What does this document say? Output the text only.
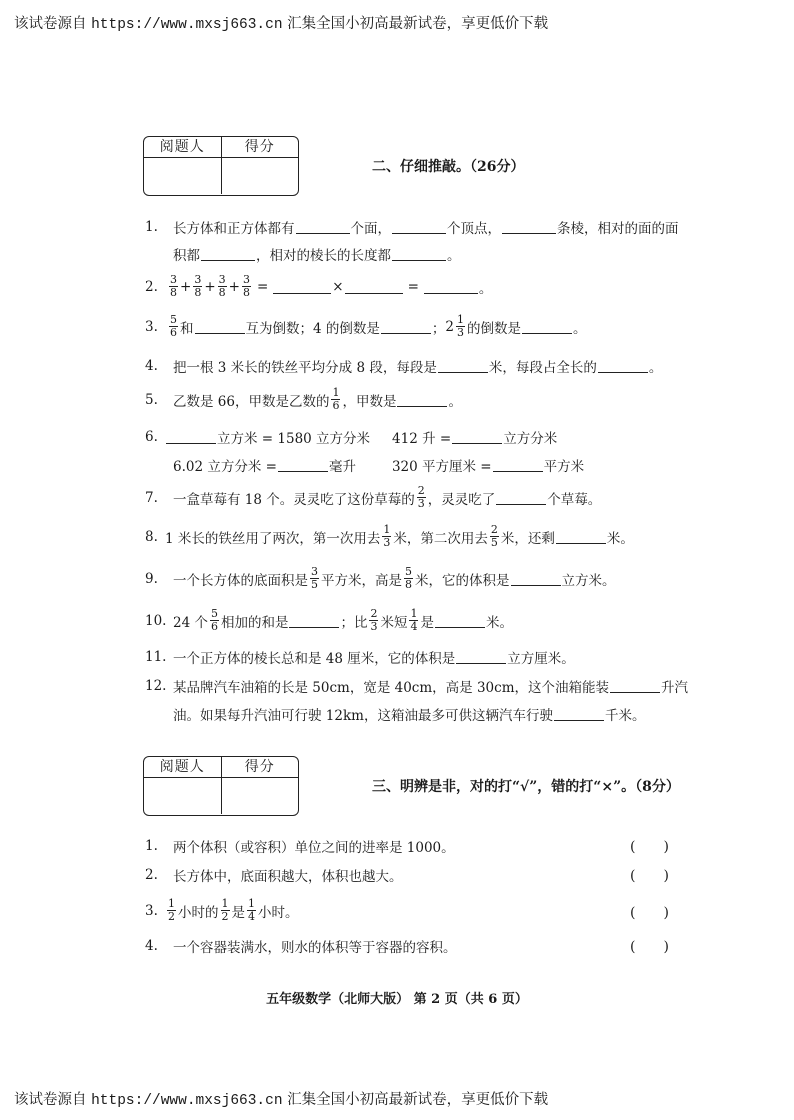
该试卷源自 https://www.mxsj663.cn 汇集全国小初高最新试卷，享更低价下载
阅题人	得分
二、仔细推敲。（26分）
1.	长方体和正方体都有	个面，	个顶点，	条棱，相对的面的面
积都	，相对的棱长的长度都	。
2.	$\frac{3}{8} + \frac{3}{8} + \frac{3}{8} + \frac{3}{8}$ =	×	=	。
3.	$\frac{5}{6}$ 和	互为倒数；4 的倒数是	； $2 \frac{1}{3}$ 的倒数是	。
4.	把一根 3 米长的铁丝平均分成 8 段，每段是	米，每段占全长的	。
5.	乙数是 66，甲数是乙数的 $\frac{1}{6}$ ，甲数是	。
6.	立方米 = 1580 立方分米 412 升 =	立方分米
6.02 立方分米 =	毫升	320 平方厘米 =	平方米
7.	一盒草莓有 18 个。灵灵吃了这份草莓的 $\frac{2}{3}$ ，灵灵吃了	个草莓。
8. 1 米长的铁丝用了两次，第一次用去 $\frac{1}{3}$ 米，第二次用去 $\frac{2}{5}$ 米，还剩	米。
9.	一个长方体的底面积是 $\frac{3}{5}$ 平方米，高是 $\frac{5}{8}$ 米，它的体积是	立方米。
10. 24 个 $\frac{5}{6}$ 相加的和是	；比 $\frac{2}{3}$ 米短 $\frac{1}{4}$ 是	米。
11. 一个正方体的棱长总和是 48 厘米，它的体积是	立方厘米。
12. 某品牌汽车油箱的长是 50cm，宽是 40cm，高是 30cm，这个油箱能装	升汽
油。如果每升汽油可行驶 12km，这箱油最多可供这辆汽车行驶	千米。
阅题人	得分
三、明辨是非，对的打“√”，错的打“×”。（8分）
1.	两个体积（或容积）单位之间的进率是 1000。	(　　)
2.	长方体中，底面积越大，体积也越大。	(　　)
3. $\frac{1}{2}$ 小时的 $\frac{1}{2}$ 是 $\frac{1}{4}$ 小时。	(　　)
4.	一个容器装满水，则水的体积等于容器的容积。	(　　)
五年级数学（北师大版） 第 2 页（共 6 页）
该试卷源自 https://www.mxsj663.cn 汇集全国小初高最新试卷，享更低价下载
